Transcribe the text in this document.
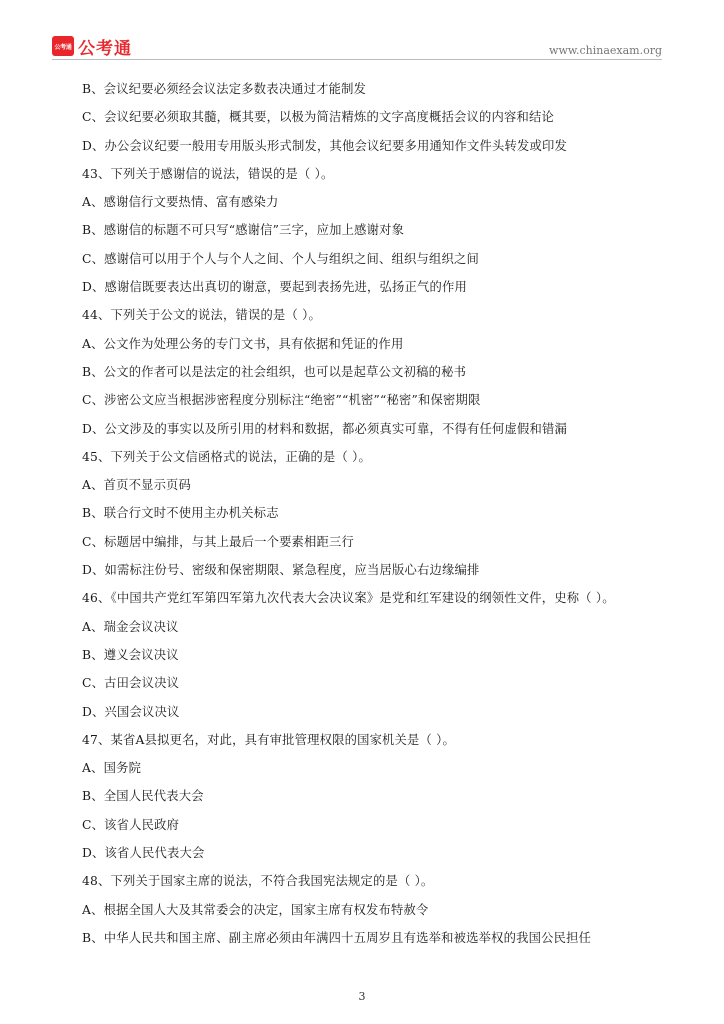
公考通 公考通	www.chinaexam.org
B、会议纪要必须经会议法定多数表决通过才能制发
C、会议纪要必须取其髓，概其要，以极为简洁精炼的文字高度概括会议的内容和结论
D、办公会议纪要一般用专用版头形式制发，其他会议纪要多用通知作文件头转发或印发
43、下列关于感谢信的说法，错误的是（ ）。
A、感谢信行文要热情、富有感染力
B、感谢信的标题不可只写“感谢信”三字，应加上感谢对象
C、感谢信可以用于个人与个人之间、个人与组织之间、组织与组织之间
D、感谢信既要表达出真切的谢意，要起到表扬先进，弘扬正气的作用
44、下列关于公文的说法，错误的是（ ）。
A、公文作为处理公务的专门文书，具有依据和凭证的作用
B、公文的作者可以是法定的社会组织，也可以是起草公文初稿的秘书
C、涉密公文应当根据涉密程度分别标注“绝密”“机密”“秘密”和保密期限
D、公文涉及的事实以及所引用的材料和数据，都必须真实可靠，不得有任何虚假和错漏
45、下列关于公文信函格式的说法，正确的是（ ）。
A、首页不显示页码
B、联合行文时不使用主办机关标志
C、标题居中编排，与其上最后一个要素相距三行
D、如需标注份号、密级和保密期限、紧急程度，应当居版心右边缘编排
46、《中国共产党红军第四军第九次代表大会决议案》是党和红军建设的纲领性文件，史称（ ）。
A、瑞金会议决议
B、遵义会议决议
C、古田会议决议
D、兴国会议决议
47、某省A县拟更名，对此，具有审批管理权限的国家机关是（ ）。
A、国务院
B、全国人民代表大会
C、该省人民政府
D、该省人民代表大会
48、下列关于国家主席的说法，不符合我国宪法规定的是（ ）。
A、根据全国人大及其常委会的决定，国家主席有权发布特赦令
B、中华人民共和国主席、副主席必须由年满四十五周岁且有选举和被选举权的我国公民担任
3
